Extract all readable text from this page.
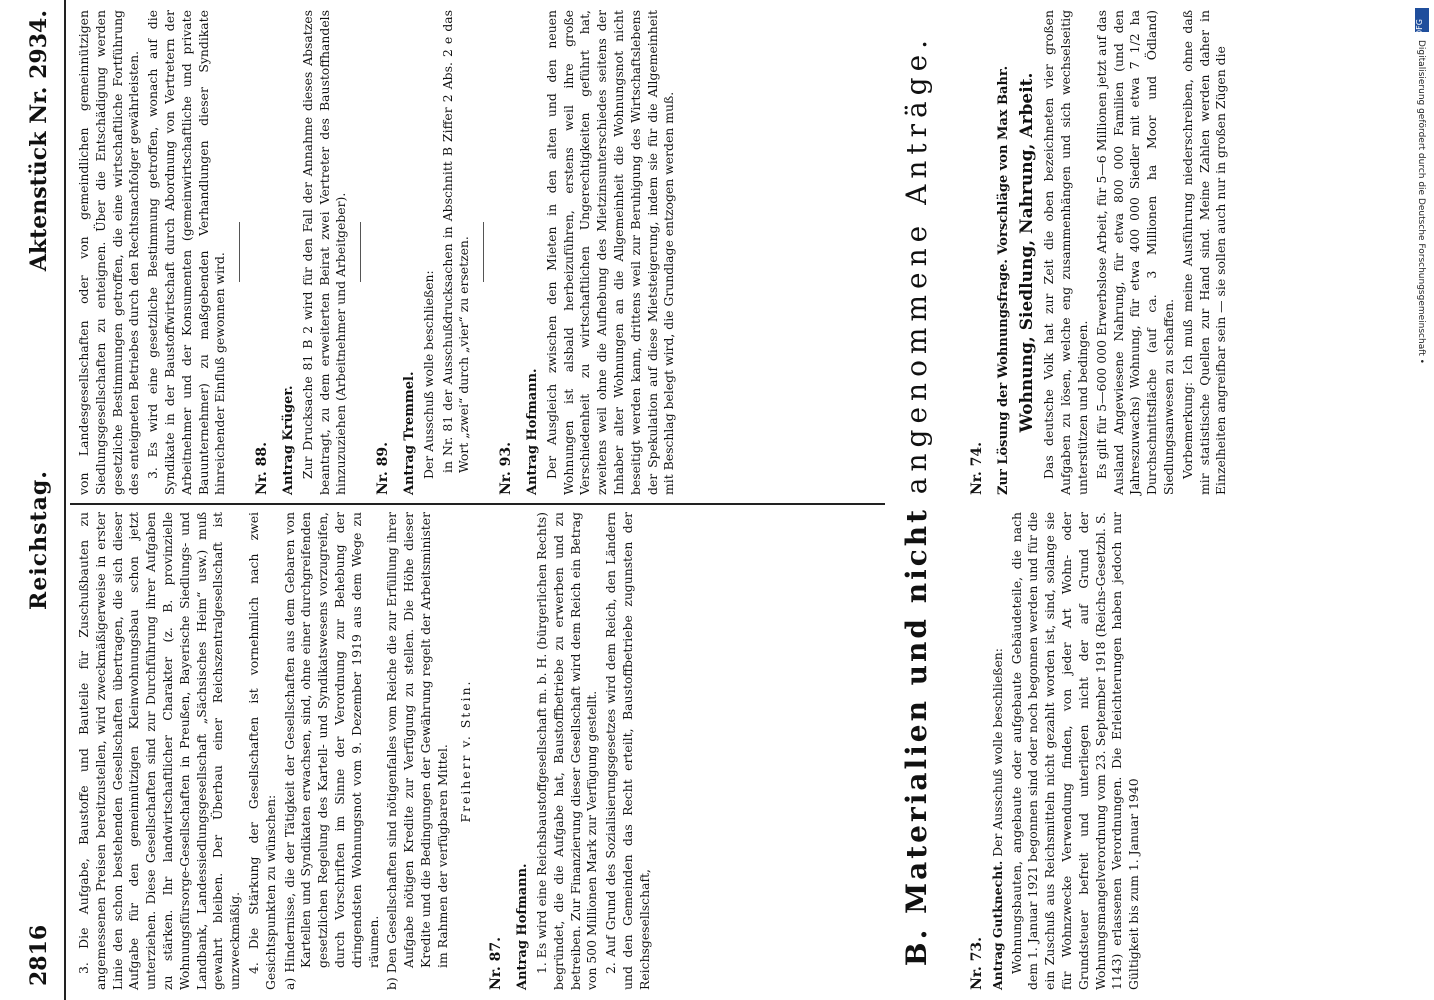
2816
Reichstag.
Aktenstück Nr. 2934.

3. Die Aufgabe, Baustoffe und Bauteile für Zuschußbauten zu angemessenen Preisen bereitzustellen, wird zweckmäßigerweise in erster Linie den schon bestehenden Gesellschaften übertragen, die sich dieser Aufgabe für den gemeinnützigen Kleinwohnungsbau schon jetzt unterziehen. Diese Gesellschaften sind zur Durchführung ihrer Aufgaben zu stärken. Ihr landwirtschaftlicher Charakter (z. B. provinzielle Wohnungsfürsorge-Gesellschaften in Preußen, Bayerische Siedlungs- und Landbank, Landessiedlungsgesellschaft „Sächsisches Heim“ usw.) muß gewahrt bleiben. Der Überbau einer Reichszentralgesellschaft ist unzweckmäßig. 4. Die Stärkung der Gesellschaften ist vornehmlich nach zwei Gesichtspunkten zu wünschen: a) Hindernisse, die der Tätigkeit der Gesellschaften aus dem Gebaren von Kartellen und Syndikaten erwachsen, sind, ohne einer durchgreifenden gesetzlichen Regelung des Kartell- und Syndikatswesens vorzugreifen, durch Vorschriften im Sinne der Verordnung zur Behebung der dringendsten Wohnungsnot vom 9. Dezember 1919 aus dem Wege zu räumen. b) Den Gesellschaften sind nötigenfalles vom Reiche die zur Erfüllung ihrer Aufgabe nötigen Kredite zur Verfügung zu stellen. Die Höhe dieser Kredite und die Bedingungen der Gewährung regelt der Arbeitsminister im Rahmen der verfügbaren Mittel. Freiherr v. Stein.

Nr. 87. Antrag Hofmann. 1. Es wird eine Reichsbaustoffgesellschaft m. b. H. (bürgerlichen Rechts) begründet, die die Aufgabe hat, Baustoffbetriebe zu erwerben und zu betreiben. Zur Finanzierung dieser Gesellschaft wird dem Reich ein Betrag von 500 Millionen Mark zur Verfügung gestellt. 2. Auf Grund des Sozialisierungsgesetzes wird dem Reich, den Ländern und den Gemeinden das Recht erteilt, Baustoffbetriebe zugunsten der Reichsgesellschaft,

von Landesgesellschaften oder von gemeindlichen gemeinnützigen Siedlungsgesellschaften zu enteignen. Über die Entschädigung werden gesetzliche Bestimmungen getroffen, die eine wirtschaftliche Fortführung des enteigneten Betriebes durch den Rechtsnachfolger gewährleisten. 3. Es wird eine gesetzliche Bestimmung getroffen, wonach auf die Syndikate in der Baustoffwirtschaft durch Abordnung von Vertretern der Arbeitnehmer und der Konsumenten (gemeinwirtschaftliche und private Bauunternehmer) zu maßgebenden Verhandlungen dieser Syndikate hinreichender Einfluß gewonnen wird. Nr. 88. Antrag Krüger. Zur Drucksache 81 B 2 wird für den Fall der Annahme dieses Absatzes beantragt, zu dem erweiterten Beirat zwei Vertreter des Baustoffhandels hinzuzuziehen (Arbeitnehmer und Arbeitgeber). Nr. 89. Antrag Tremmel. Der Ausschuß wolle beschließen: in Nr. 81 der Ausschußdrucksachen in Abschnitt B Ziffer 2 Abs. 2 e das Wort „zwei“ durch „vier“ zu ersetzen. Nr. 93. Antrag Hofmann. Der Ausgleich zwischen den Mieten in den alten und den neuen Wohnungen ist alsbald herbeizuführen, erstens weil ihre große Verschiedenheit zu wirtschaftlichen Ungerechtigkeiten geführt hat, zweitens weil ohne die Aufhebung des Mietzinsunterschiedes seitens der Inhaber alter Wohnungen an die Allgemeinheit die Wohnungsnot nicht beseitigt werden kann, drittens weil zur Beruhigung des Wirtschaftslebens der Spekulation auf diese Mietsteigerung, indem sie für die Allgemeinheit mit Beschlag belegt wird, die Grundlage entzogen werden muß.

B. Materialien und nicht angenommene Anträge.
Nr. 73. Antrag Gutknecht. Der Ausschuß wolle beschließen: Wohnungsbauten, angebaute oder aufgebaute Gebäudeteile, die nach dem 1. Januar 1921 begonnen sind oder noch begonnen werden und für die ein Zuschuß aus Reichsmitteln nicht gezahlt worden ist, sind, solange sie für Wohnzwecke Verwendung finden, von jeder Art Wohn- oder Grundsteuer befreit und unterliegen nicht der auf Grund der Wohnungsmangelverordnung vom 23. September 1918 (Reichs-Gesetzbl. S. 1143) erlassenen Verordnungen. Die Erleichterungen haben jedoch nur Gültigkeit bis zum 1. Januar 1940

Nr. 74. Zur Lösung der Wohnungsfrage. Vorschläge von Max Bahr. Wohnung, Siedlung, Nahrung, Arbeit. Das deutsche Volk hat zur Zeit die oben bezeichneten vier großen Aufgaben zu lösen, welche eng zusammenhängen und sich wechselseitig unterstützen und bedingen. Es gilt für 5—600 000 Erwerbslose Arbeit, für 5—6 Millionen jetzt auf das Ausland Angewiesene Nahrung, für etwa 800 000 Familien (und den Jahreszuwachs) Wohnung, für etwa 400 000 Siedler mit etwa 7 1/2 ha Durchschnittsfläche (auf ca. 3 Millionen ha Moor und Ödland) Siedlungsanwesen zu schaffen. Vorbemerkung: Ich muß meine Ausführung niederschreiben, ohne daß mir statistische Quellen zur Hand sind. Meine Zahlen werden daher in Einzelheiten angreifbar sein — sie sollen auch nur in großen Zügen die

DFG
Digitalisierung gefördert durch die Deutsche Forschungsgemeinschaft •
